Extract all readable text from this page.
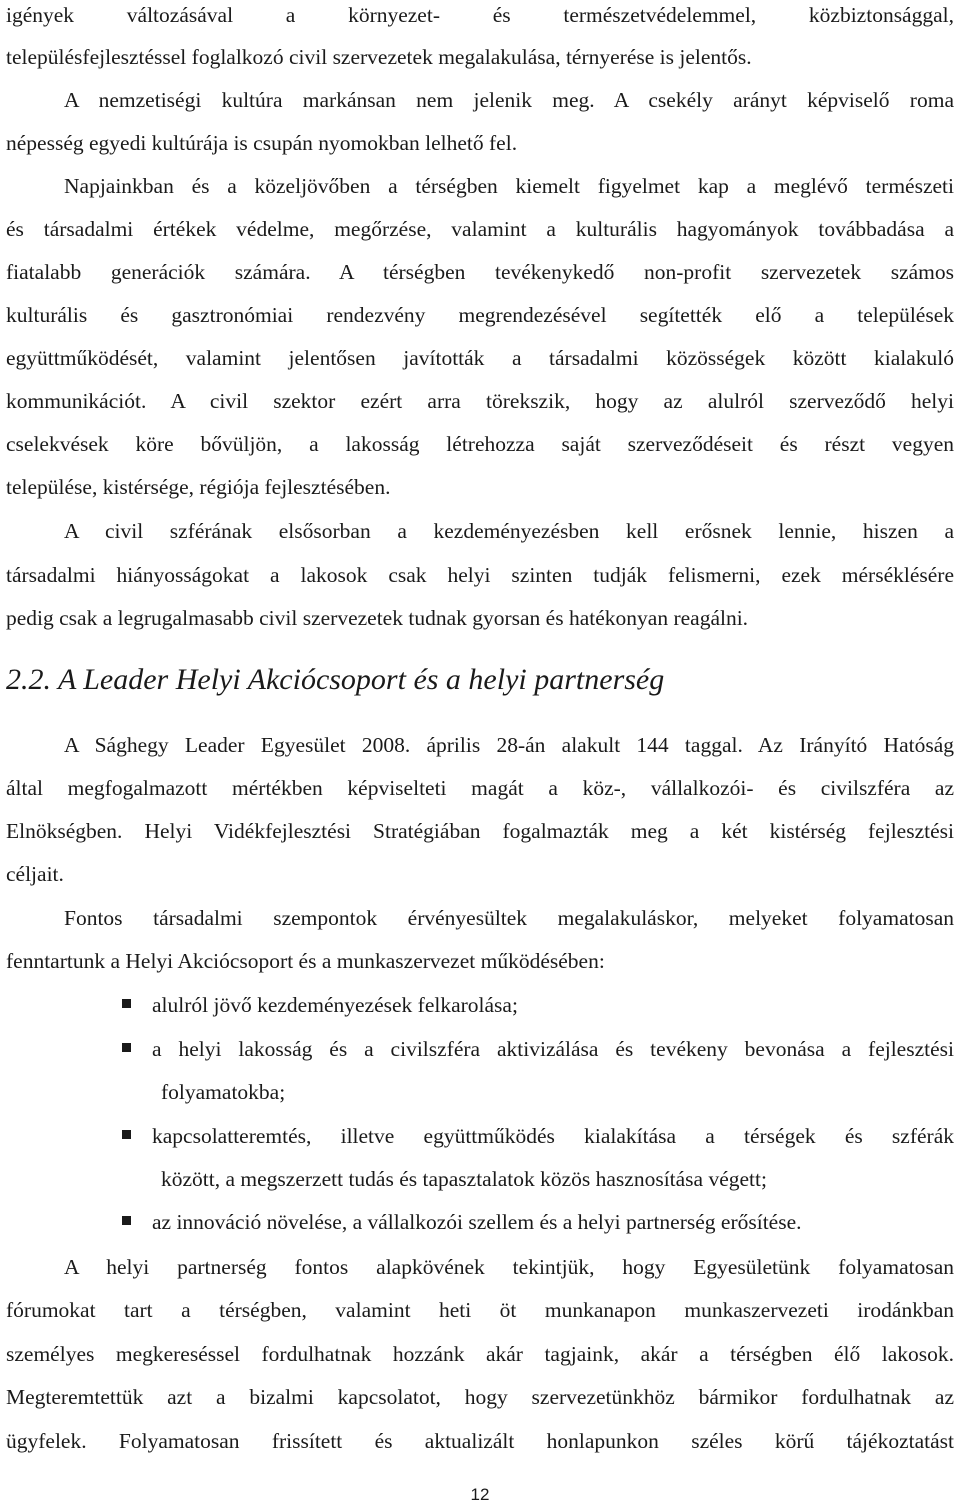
igények változásával a környezet- és természetvédelemmel, közbiztonsággal,
településfejlesztéssel foglalkozó civil szervezetek megalakulása, térnyerése is jelentős.
A nemzetiségi kultúra markánsan nem jelenik meg. A csekély arányt képviselő roma
népesség egyedi kultúrája is csupán nyomokban lelhető fel.
Napjainkban és a közeljövőben a térségben kiemelt figyelmet kap a meglévő természeti
és társadalmi értékek védelme, megőrzése, valamint a kulturális hagyományok továbbadása a
fiatalabb generációk számára. A térségben tevékenykedő non-profit szervezetek számos
kulturális és gasztronómiai rendezvény megrendezésével segítették elő a települések
együttműködését, valamint jelentősen javították a társadalmi közösségek között kialakuló
kommunikációt. A civil szektor ezért arra törekszik, hogy az alulról szerveződő helyi
cselekvések köre bővüljön, a lakosság létrehozza saját szerveződéseit és részt vegyen
települése, kistérsége, régiója fejlesztésében.
A civil szférának elsősorban a kezdeményezésben kell erősnek lennie, hiszen a
társadalmi hiányosságokat a lakosok csak helyi szinten tudják felismerni, ezek mérséklésére
pedig csak a legrugalmasabb civil szervezetek tudnak gyorsan és hatékonyan reagálni.
2.2. A Leader Helyi Akciócsoport és a helyi partnerség
A Sághegy Leader Egyesület 2008. április 28-án alakult 144 taggal. Az Irányító Hatóság
által megfogalmazott mértékben képviselteti magát a köz-, vállalkozói- és civilszféra az
Elnökségben. Helyi Vidékfejlesztési Stratégiában fogalmazták meg a két kistérség fejlesztési
céljait.
Fontos társadalmi szempontok érvényesültek megalakuláskor, melyeket folyamatosan
fenntartunk a Helyi Akciócsoport és a munkaszervezet működésében:
alulról jövő kezdeményezések felkarolása;
a helyi lakosság és a civilszféra aktivizálása és tevékeny bevonása a fejlesztési
folyamatokba;
kapcsolatteremtés, illetve együttműködés kialakítása a térségek és szférák
között, a megszerzett tudás és tapasztalatok közös hasznosítása végett;
az innováció növelése, a vállalkozói szellem és a helyi partnerség erősítése.
A helyi partnerség fontos alapkövének tekintjük, hogy Egyesületünk folyamatosan
fórumokat tart a térségben, valamint heti öt munkanapon munkaszervezeti irodánkban
személyes megkereséssel fordulhatnak hozzánk akár tagjaink, akár a térségben élő lakosok.
Megteremtettük azt a bizalmi kapcsolatot, hogy szervezetünkhöz bármikor fordulhatnak az
ügyfelek. Folyamatosan frissített és aktualizált honlapunkon széles körű tájékoztatást
12
